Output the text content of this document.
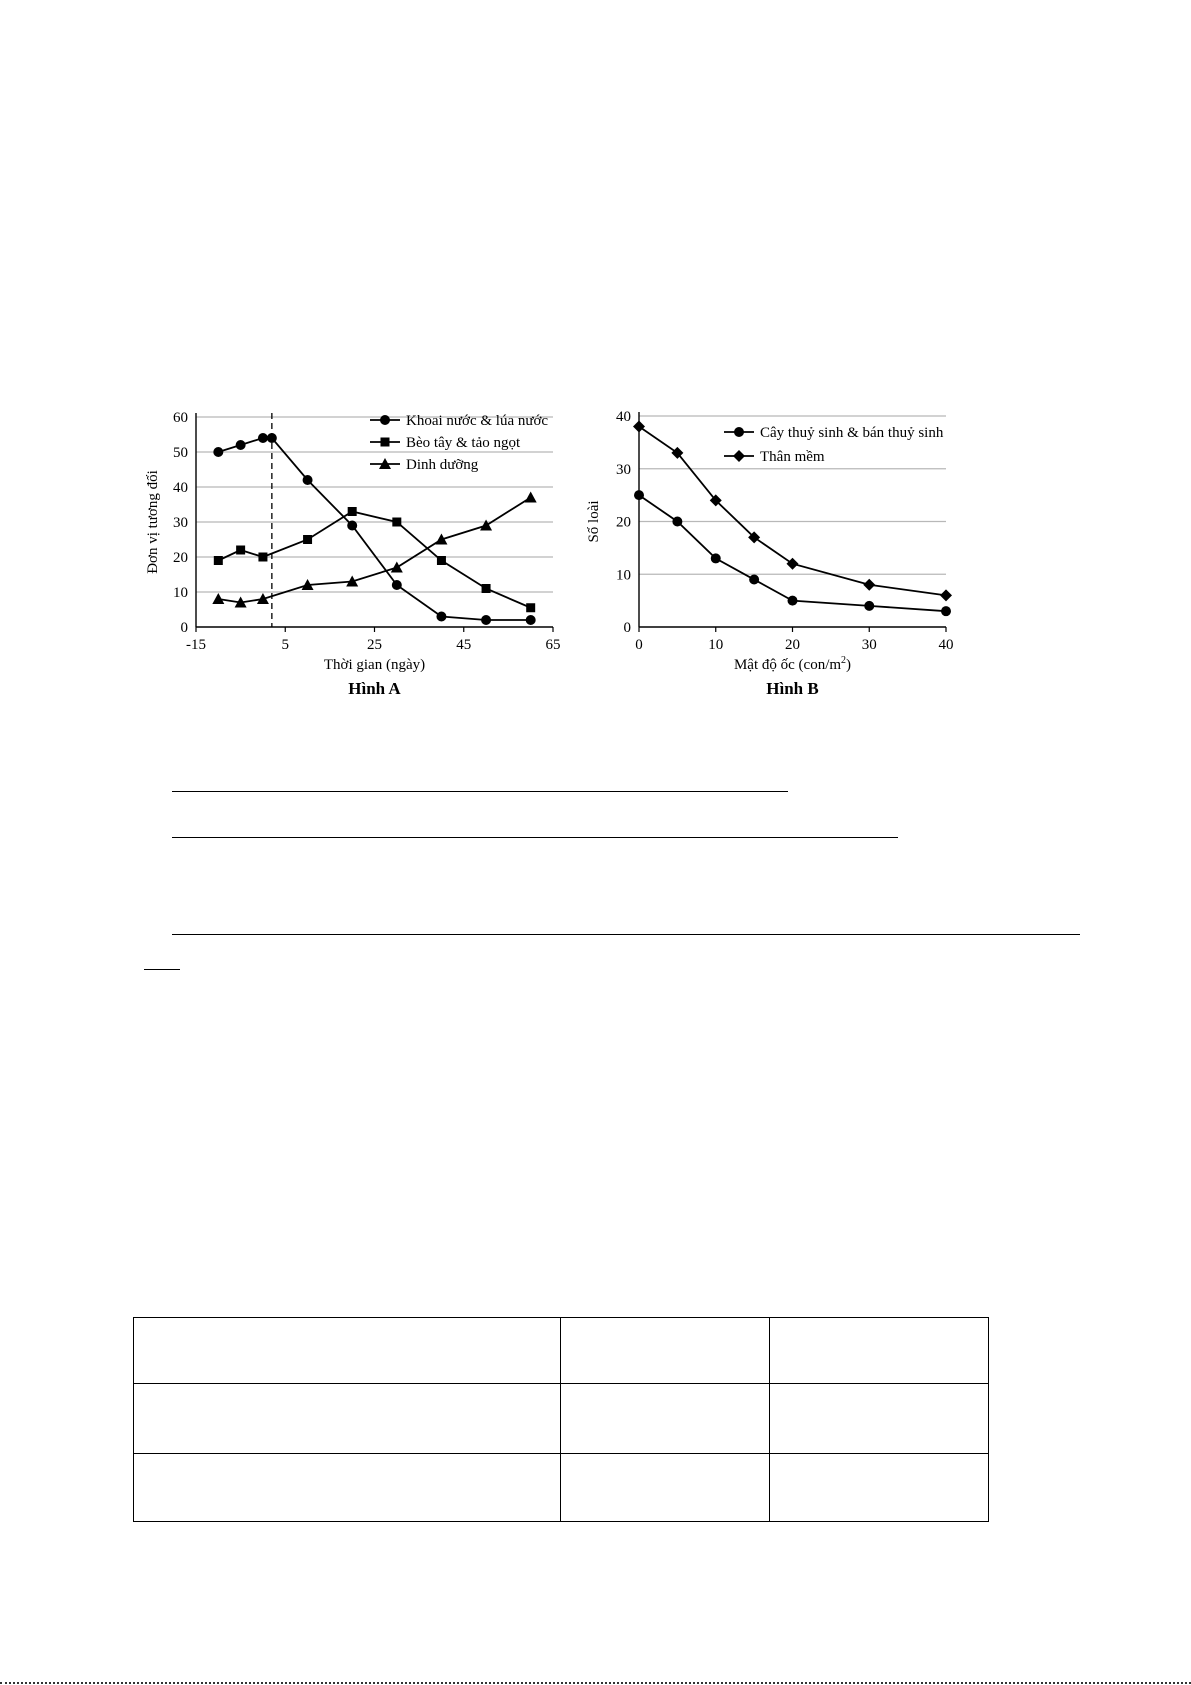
0
10
20
30
40
50
60
-15	5	25	45	65
Khoai nước & lúa nước
Bèo tây & tảo ngọt
Dinh dưỡng
Đơn vị tương đối
Thời gian (ngày)
Hình A
0
10
20
30
40
0	10	20	30	40
Cây thuỷ sinh & bán thuỷ sinh
Thân mềm
Số loài
Mật độ ốc $(con/m^2)$
Hình B
